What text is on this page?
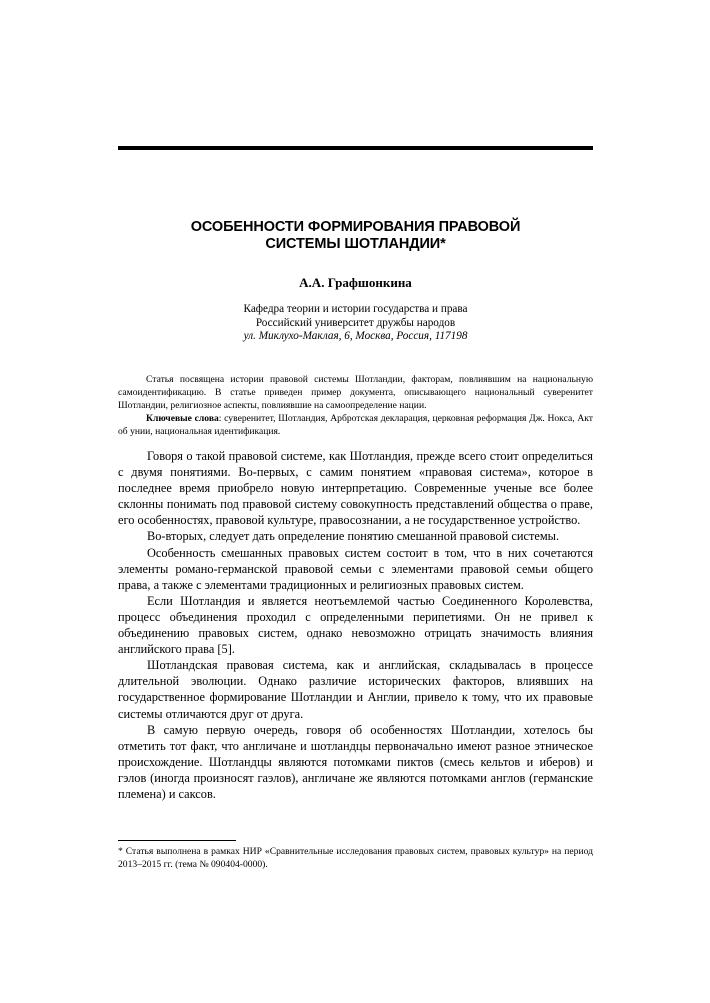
ОСОБЕННОСТИ ФОРМИРОВАНИЯ ПРАВОВОЙ
СИСТЕМЫ ШОТЛАНДИИ*
А.А. Графшонкина
Кафедра теории и истории государства и права
Российский университет дружбы народов
ул. Миклухо-Маклая, 6, Москва, Россия, 117198

Статья посвящена истории правовой системы Шотландии, факторам, повлиявшим на национальную самоидентификацию. В статье приведен пример документа, описывающего национальный суверенитет Шотландии, религиозное аспекты, повлиявшие на самоопределение нации.

Ключевые слова: суверенитет, Шотландия, Арбротская декларация, церковная реформация Дж. Нокса, Акт об унии, национальная идентификация.

Говоря о такой правовой системе, как Шотландия, прежде всего стоит определиться с двумя понятиями. Во-первых, с самим понятием «правовая система», которое в последнее время приобрело новую интерпретацию. Современные ученые все более склонны понимать под правовой систему совокупность представлений общества о праве, его особенностях, правовой культуре, правосознании, а не государственное устройство.

Во-вторых, следует дать определение понятию смешанной правовой системы.

Особенность смешанных правовых систем состоит в том, что в них сочетаются элементы романо-германской правовой семьи с элементами правовой семьи общего права, а также с элементами традиционных и религиозных правовых систем.

Если Шотландия и является неотъемлемой частью Соединенного Королевства, процесс объединения проходил с определенными перипетиями. Он не привел к объединению правовых систем, однако невозможно отрицать значимость влияния английского права [5].

Шотландская правовая система, как и английская, складывалась в процессе длительной эволюции. Однако различие исторических факторов, влиявших на государственное формирование Шотландии и Англии, привело к тому, что их правовые системы отличаются друг от друга.

В самую первую очередь, говоря об особенностях Шотландии, хотелось бы отметить тот факт, что англичане и шотландцы первоначально имеют разное этническое происхождение. Шотландцы являются потомками пиктов (смесь кельтов и иберов) и гэлов (иногда произносят гаэлов), англичане же являются потомками англов (германские племена) и саксов.

* Статья выполнена в рамках НИР «Сравнительные исследования правовых систем, правовых культур» на период 2013–2015 гг. (тема № 090404-0000).
